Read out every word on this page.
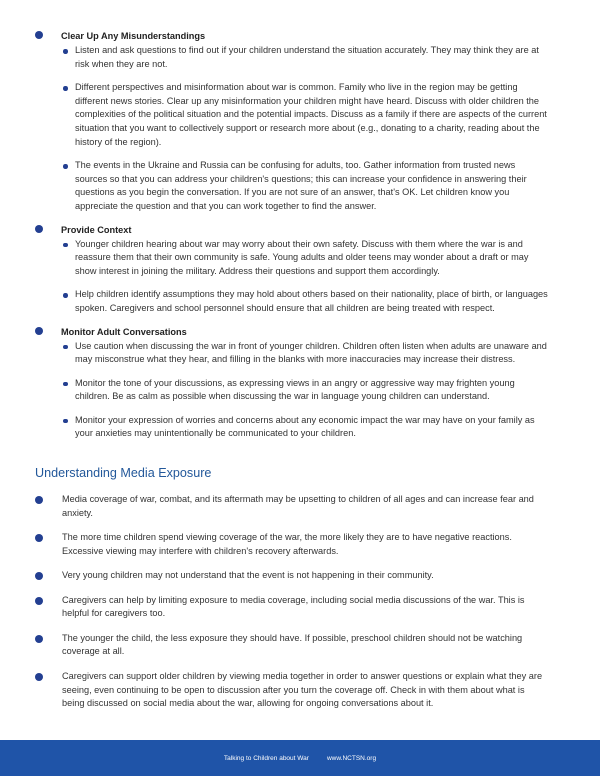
Clear Up Any Misunderstandings
Listen and ask questions to find out if your children understand the situation accurately. They may think they are at risk when they are not.
Different perspectives and misinformation about war is common. Family who live in the region may be getting different news stories. Clear up any misinformation your children might have heard. Discuss with older children the complexities of the political situation and the potential impacts. Discuss as a family if there are aspects of the current situation that you want to collectively support or research more about (e.g., donating to a charity, reading about the history of the region).
The events in the Ukraine and Russia can be confusing for adults, too. Gather information from trusted news sources so that you can address your children's questions; this can increase your confidence in answering their questions as you begin the conversation. If you are not sure of an answer, that's OK. Let children know you appreciate the question and that you can work together to find the answer.
Provide Context
Younger children hearing about war may worry about their own safety. Discuss with them where the war is and reassure them that their own community is safe. Young adults and older teens may wonder about a draft or may show interest in joining the military. Address their questions and support them accordingly.
Help children identify assumptions they may hold about others based on their nationality, place of birth, or languages spoken. Caregivers and school personnel should ensure that all children are being treated with respect.
Monitor Adult Conversations
Use caution when discussing the war in front of younger children. Children often listen when adults are unaware and may misconstrue what they hear, and filling in the blanks with more inaccuracies may increase their distress.
Monitor the tone of your discussions, as expressing views in an angry or aggressive way may frighten young children. Be as calm as possible when discussing the war in language young children can understand.
Monitor your expression of worries and concerns about any economic impact the war may have on your family as your anxieties may unintentionally be communicated to your children.
Understanding Media Exposure
Media coverage of war, combat, and its aftermath may be upsetting to children of all ages and can increase fear and anxiety.
The more time children spend viewing coverage of the war, the more likely they are to have negative reactions. Excessive viewing may interfere with children's recovery afterwards.
Very young children may not understand that the event is not happening in their community.
Caregivers can help by limiting exposure to media coverage, including social media discussions of the war. This is helpful for caregivers too.
The younger the child, the less exposure they should have. If possible, preschool children should not be watching coverage at all.
Caregivers can support older children by viewing media together in order to answer questions or explain what they are seeing, even continuing to be open to discussion after you turn the coverage off. Check in with them about what is being discussed on social media about the war, allowing for ongoing conversations about it.
Talking to Children about War	www.NCTSN.org
